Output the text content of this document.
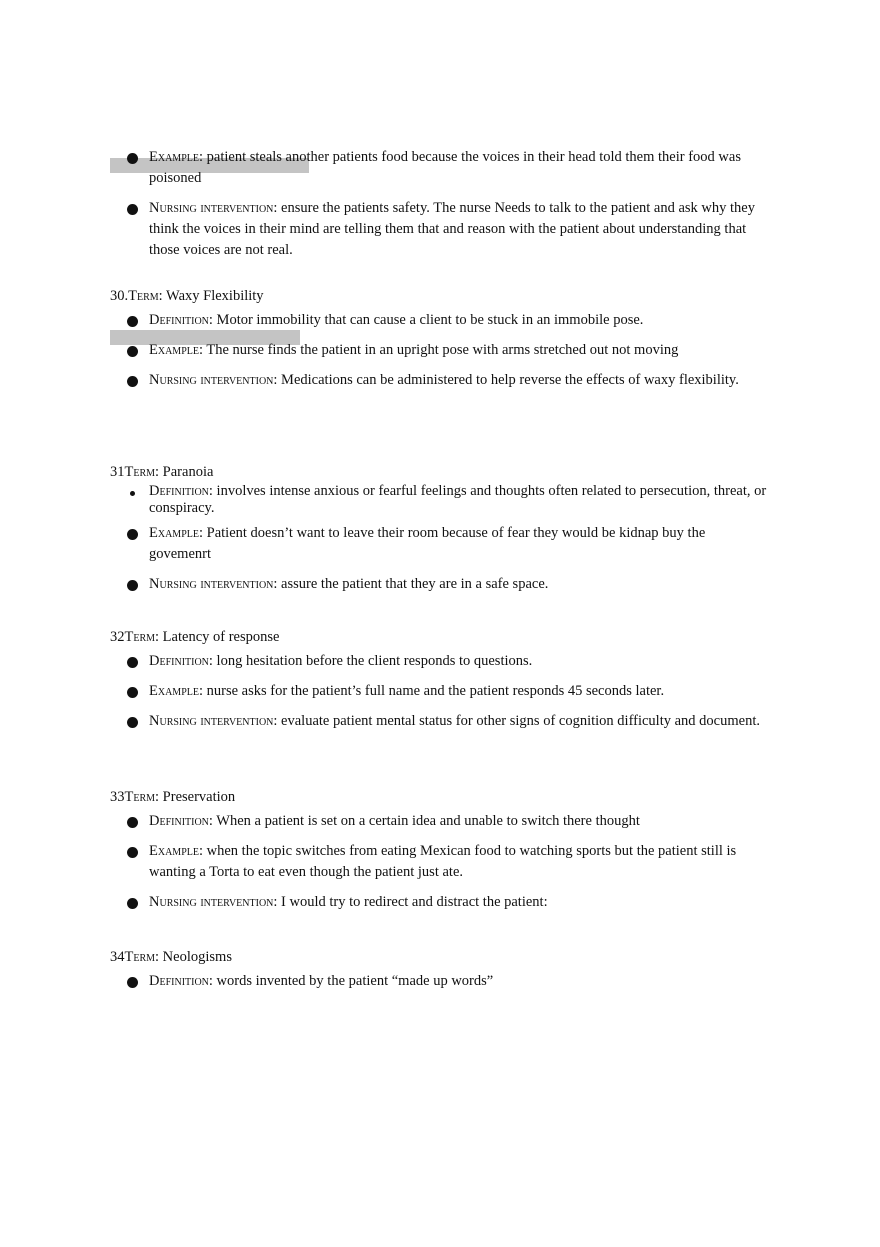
Example: patient steals another patients food because the voices in their head told them their food was poisoned
Nursing intervention: ensure the patients safety. The nurse Needs to talk to the patient and ask why they think the voices in their mind are telling them that and reason with the patient about understanding that those voices are not real.
30.Term: Waxy Flexibility
Definition: Motor immobility that can cause a client to be stuck in an immobile pose.
Example: The nurse finds the patient in an upright pose with arms stretched out not moving
Nursing intervention: Medications can be administered to help reverse the effects of waxy flexibility.
31Term: Paranoia
Definition: involves intense anxious or fearful feelings and thoughts often related to persecution, threat, or conspiracy.
Example: Patient doesn’t want to leave their room because of fear they would be kidnap buy the govemenrt
Nursing intervention: assure the patient that they are in a safe space.
32Term: Latency of response
Definition: long hesitation before the client responds to questions.
Example: nurse asks for the patient’s full name and the patient responds 45 seconds later.
Nursing intervention: evaluate patient mental status for other signs of cognition difficulty and document.
33Term: Preservation
Definition: When a patient is set on a certain idea and unable to switch there thought
Example: when the topic switches from eating Mexican food to watching sports but the patient still is wanting a Torta to eat even though the patient just ate.
Nursing intervention: I would try to redirect and distract the patient:
34Term: Neologisms
Definition: words invented by the patient “made up words”
